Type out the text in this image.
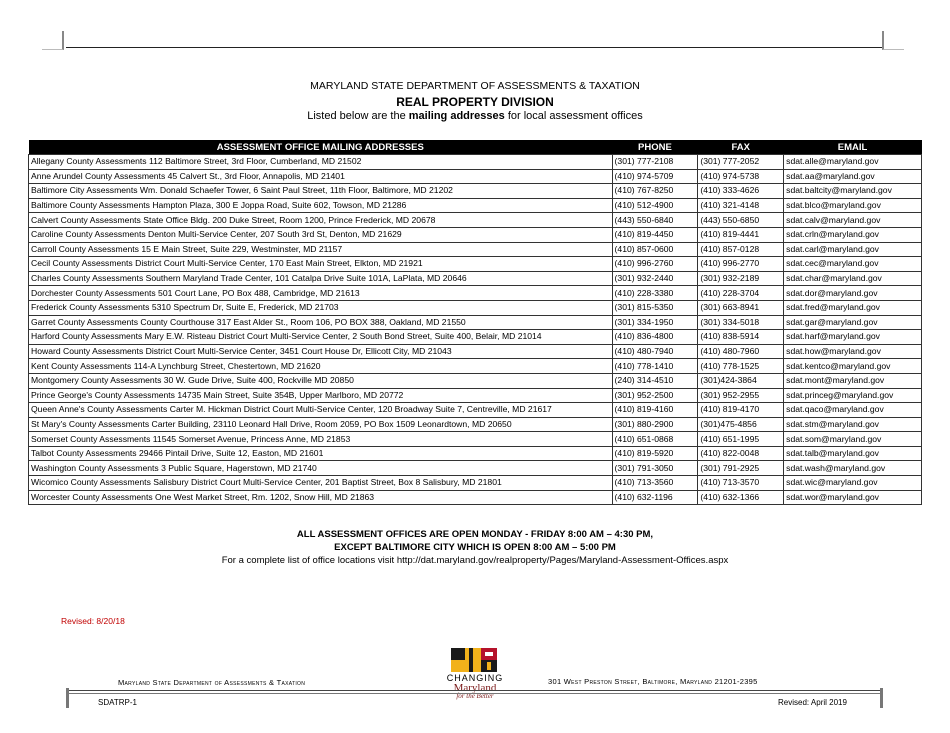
MARYLAND STATE DEPARTMENT OF ASSESSMENTS & TAXATION
REAL PROPERTY DIVISION
Listed below are the mailing addresses for local assessment offices
ASSESSMENT OFFICE MAILING ADDRESSES	PHONE	FAX	EMAIL
Allegany County Assessments 112 Baltimore Street, 3rd Floor, Cumberland, MD 21502	(301) 777-2108	(301) 777-2052	sdat.alle@maryland.gov
Anne Arundel County Assessments 45 Calvert St., 3rd Floor, Annapolis, MD 21401	(410) 974-5709	(410) 974-5738	sdat.aa@maryland.gov
Baltimore City Assessments Wm. Donald Schaefer Tower, 6 Saint Paul Street, 11th Floor, Baltimore, MD 21202	(410) 767-8250	(410) 333-4626	sdat.baltcity@maryland.gov
Baltimore County Assessments Hampton Plaza, 300 E Joppa Road, Suite 602, Towson, MD 21286	(410) 512-4900	(410) 321-4148	sdat.blco@maryland.gov
Calvert County Assessments State Office Bldg. 200 Duke Street, Room 1200, Prince Frederick, MD 20678	(443) 550-6840	(443) 550-6850	sdat.calv@maryland.gov
Caroline County Assessments Denton Multi-Service Center, 207 South 3rd St, Denton, MD 21629	(410) 819-4450	(410) 819-4441	sdat.crln@maryland.gov
Carroll County Assessments 15 E Main Street, Suite 229, Westminster, MD 21157	(410) 857-0600	(410) 857-0128	sdat.carl@maryland.gov
Cecil County Assessments District Court Multi-Service Center, 170 East Main Street, Elkton, MD 21921	(410) 996-2760	(410) 996-2770	sdat.cec@maryland.gov
Charles County Assessments Southern Maryland Trade Center, 101 Catalpa Drive Suite 101A, LaPlata, MD 20646	(301) 932-2440	(301) 932-2189	sdat.char@maryland.gov
Dorchester County Assessments 501 Court Lane, PO Box 488, Cambridge, MD 21613	(410) 228-3380	(410) 228-3704	sdat.dor@maryland.gov
Frederick County Assessments 5310 Spectrum Dr, Suite E, Frederick, MD 21703	(301) 815-5350	(301) 663-8941	sdat.fred@maryland.gov
Garret County Assessments County Courthouse 317 East Alder St., Room 106, PO BOX 388, Oakland, MD 21550	(301) 334-1950	(301) 334-5018	sdat.gar@maryland.gov
Harford County Assessments Mary E.W. Risteau District Court Multi-Service Center, 2 South Bond Street, Suite 400, Belair, MD 21014	(410) 836-4800	(410) 838-5914	sdat.harf@maryland.gov
Howard County Assessments District Court Multi-Service Center, 3451 Court House Dr, Ellicott City, MD 21043	(410) 480-7940	(410) 480-7960	sdat.how@maryland.gov
Kent County Assessments 114-A Lynchburg Street, Chestertown, MD 21620	(410) 778-1410	(410) 778-1525	sdat.kentco@maryland.gov
Montgomery County Assessments 30 W. Gude Drive, Suite 400, Rockville MD 20850	(240) 314-4510	(301)424-3864	sdat.mont@maryland.gov
Prince George's County Assessments 14735 Main Street, Suite 354B, Upper Marlboro, MD 20772	(301) 952-2500	(301) 952-2955	sdat.princeg@maryland.gov
Queen Anne's County Assessments Carter M. Hickman District Court Multi-Service Center, 120 Broadway Suite 7, Centreville, MD 21617	(410) 819-4160	(410) 819-4170	sdat.qaco@maryland.gov
St Mary's County Assessments Carter Building, 23110 Leonard Hall Drive, Room 2059, PO Box 1509 Leonardtown, MD 20650	(301) 880-2900	(301)475-4856	sdat.stm@maryland.gov
Somerset County Assessments 11545 Somerset Avenue, Princess Anne, MD 21853	(410) 651-0868	(410) 651-1995	sdat.som@maryland.gov
Talbot County Assessments 29466 Pintail Drive, Suite 12, Easton, MD 21601	(410) 819-5920	(410) 822-0048	sdat.talb@maryland.gov
Washington County Assessments 3 Public Square, Hagerstown, MD 21740	(301) 791-3050	(301) 791-2925	sdat.wash@maryland.gov
Wicomico County Assessments Salisbury District Court Multi-Service Center, 201 Baptist Street, Box 8 Salisbury, MD 21801	(410) 713-3560	(410) 713-3570	sdat.wic@maryland.gov
Worcester County Assessments One West Market Street, Rm. 1202, Snow Hill, MD 21863	(410) 632-1196	(410) 632-1366	sdat.wor@maryland.gov
ALL ASSESSMENT OFFICES ARE OPEN MONDAY - FRIDAY 8:00 AM – 4:30 PM,
EXCEPT BALTIMORE CITY WHICH IS OPEN 8:00 AM – 5:00 PM
For a complete list of office locations visit http://dat.maryland.gov/realproperty/Pages/Maryland-Assessment-Offices.aspx
Revised: 8/20/18
Maryland State Department of Assessments & Taxation	301 West Preston Street, Baltimore, Maryland 21201-2395
CHANGING
Maryland
for the Better
SDATRP-1	Revised: April 2019
